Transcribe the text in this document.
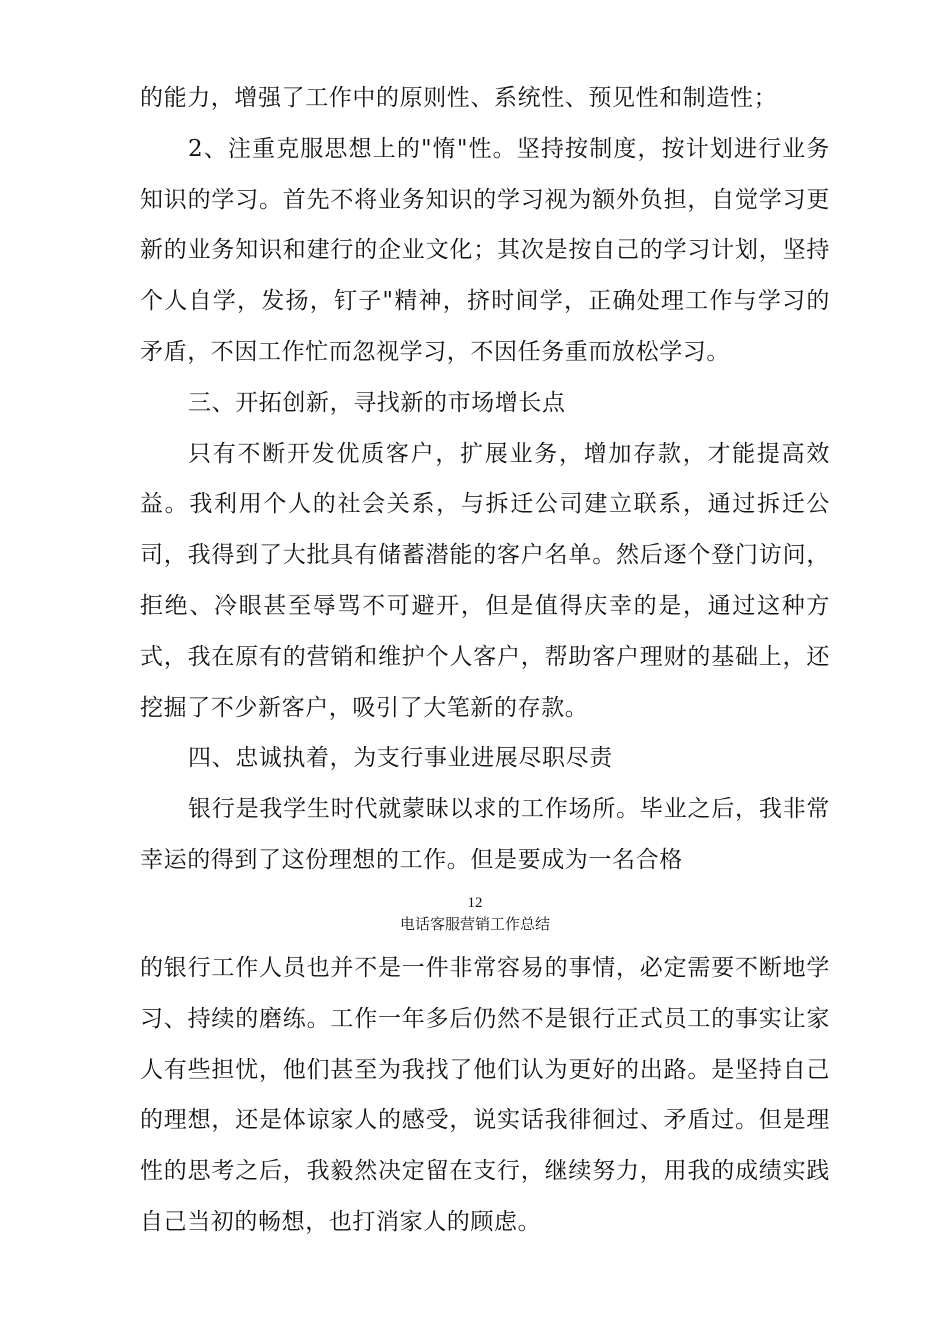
的能力，增强了工作中的原则性、系统性、预见性和制造性；

2、注重克服思想上的"惰"性。坚持按制度，按计划进行业务知识的学习。首先不将业务知识的学习视为额外负担，自觉学习更新的业务知识和建行的企业文化；其次是按自己的学习计划，坚持个人自学，发扬，钉子"精神，挤时间学，正确处理工作与学习的矛盾，不因工作忙而忽视学习，不因任务重而放松学习。

三、开拓创新，寻找新的市场增长点

只有不断开发优质客户，扩展业务，增加存款，才能提高效益。我利用个人的社会关系，与拆迁公司建立联系，通过拆迁公司，我得到了大批具有储蓄潜能的客户名单。然后逐个登门访问，拒绝、冷眼甚至辱骂不可避开，但是值得庆幸的是，通过这种方式，我在原有的营销和维护个人客户，帮助客户理财的基础上，还挖掘了不少新客户，吸引了大笔新的存款。

四、忠诚执着，为支行事业进展尽职尽责

银行是我学生时代就蒙昧以求的工作场所。毕业之后，我非常幸运的得到了这份理想的工作。但是要成为一名合格

12
电话客服营销工作总结

的银行工作人员也并不是一件非常容易的事情，必定需要不断地学习、持续的磨练。工作一年多后仍然不是银行正式员工的事实让家人有些担忧，他们甚至为我找了他们认为更好的出路。是坚持自己的理想，还是体谅家人的感受，说实话我徘徊过、矛盾过。但是理性的思考之后，我毅然决定留在支行，继续努力，用我的成绩实践自己当初的畅想，也打消家人的顾虑。
